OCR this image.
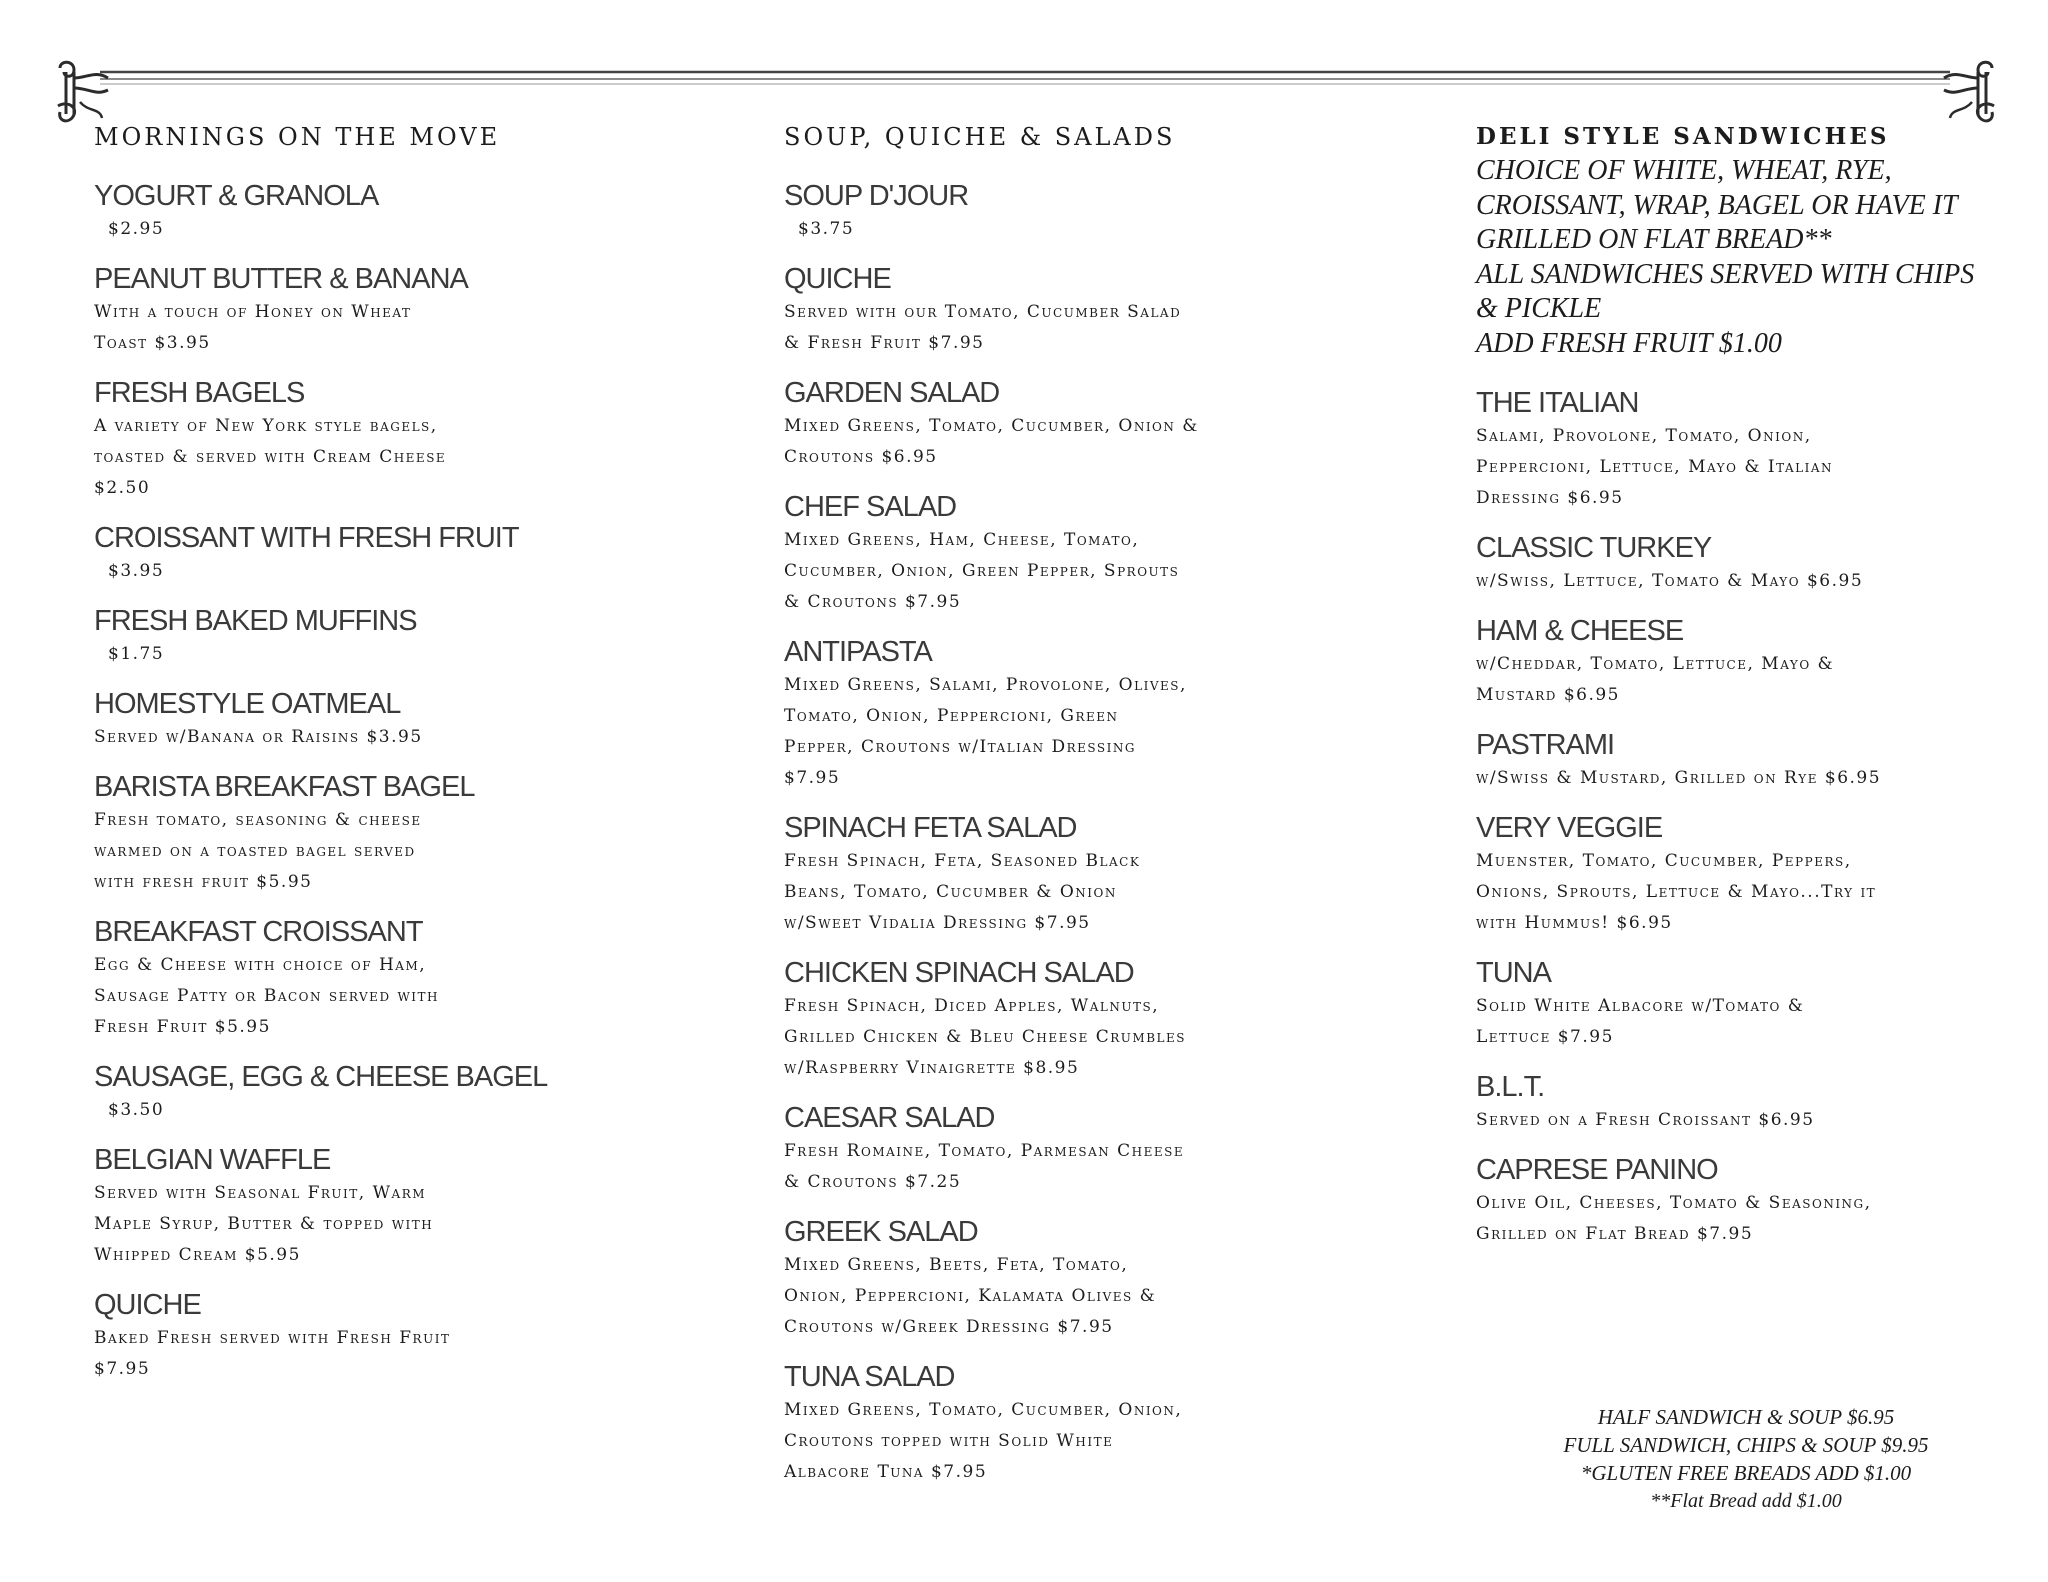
MORNINGS ON THE MOVE
YOGURT & GRANOLA
$2.95
PEANUT BUTTER & BANANA
With a touch of Honey on Wheat
Toast $3.95
FRESH BAGELS
A variety of New York style bagels,
toasted & served with Cream Cheese
$2.50
CROISSANT WITH FRESH FRUIT
$3.95
FRESH BAKED MUFFINS
$1.75
HOMESTYLE OATMEAL
Served w/Banana or Raisins $3.95
BARISTA BREAKFAST BAGEL
Fresh tomato, seasoning & cheese
warmed on a toasted bagel served
with fresh fruit $5.95
BREAKFAST CROISSANT
Egg & Cheese with choice of Ham,
Sausage Patty or Bacon served with
Fresh Fruit $5.95
SAUSAGE, EGG & CHEESE BAGEL
$3.50
BELGIAN WAFFLE
Served with Seasonal Fruit, Warm
Maple Syrup, Butter & topped with
Whipped Cream $5.95
QUICHE
Baked Fresh served with Fresh Fruit
$7.95
SOUP, QUICHE & SALADS
SOUP D'JOUR
$3.75
QUICHE
Served with our Tomato, Cucumber Salad
& Fresh Fruit $7.95
GARDEN SALAD
Mixed Greens, Tomato, Cucumber, Onion &
Croutons $6.95
CHEF SALAD
Mixed Greens, Ham, Cheese, Tomato,
Cucumber, Onion, Green Pepper, Sprouts
& Croutons $7.95
ANTIPASTA
Mixed Greens, Salami, Provolone, Olives,
Tomato, Onion, Peppercioni, Green
Pepper, Croutons w/Italian Dressing
$7.95
SPINACH FETA SALAD
Fresh Spinach, Feta, Seasoned Black
Beans, Tomato, Cucumber & Onion
w/Sweet Vidalia Dressing $7.95
CHICKEN SPINACH SALAD
Fresh Spinach, Diced Apples, Walnuts,
Grilled Chicken & Bleu Cheese Crumbles
w/Raspberry Vinaigrette $8.95
CAESAR SALAD
Fresh Romaine, Tomato, Parmesan Cheese
& Croutons $7.25
GREEK SALAD
Mixed Greens, Beets, Feta, Tomato,
Onion, Peppercioni, Kalamata Olives &
Croutons w/Greek Dressing $7.95
TUNA SALAD
Mixed Greens, Tomato, Cucumber, Onion,
Croutons topped with Solid White
Albacore Tuna $7.95
DELI STYLE SANDWICHES

CHOICE OF WHITE, WHEAT, RYE,
CROISSANT, WRAP, BAGEL OR HAVE IT
GRILLED ON FLAT BREAD**
ALL SANDWICHES SERVED WITH CHIPS
& PICKLE
ADD FRESH FRUIT $1.00

THE ITALIAN
Salami, Provolone, Tomato, Onion,
Peppercioni, Lettuce, Mayo & Italian
Dressing $6.95
CLASSIC TURKEY
w/Swiss, Lettuce, Tomato & Mayo $6.95
HAM & CHEESE
w/Cheddar, Tomato, Lettuce, Mayo &
Mustard $6.95
PASTRAMI
w/Swiss & Mustard, Grilled on Rye $6.95
VERY VEGGIE
Muenster, Tomato, Cucumber, Peppers,
Onions, Sprouts, Lettuce & Mayo...Try it
with Hummus! $6.95
TUNA
Solid White Albacore w/Tomato &
Lettuce $7.95
B.L.T.
Served on a Fresh Croissant $6.95
CAPRESE PANINO
Olive Oil, Cheeses, Tomato & Seasoning,
Grilled on Flat Bread $7.95
HALF SANDWICH & SOUP $6.95
FULL SANDWICH, CHIPS & SOUP $9.95
*GLUTEN FREE BREADS ADD $1.00
**Flat Bread add $1.00
